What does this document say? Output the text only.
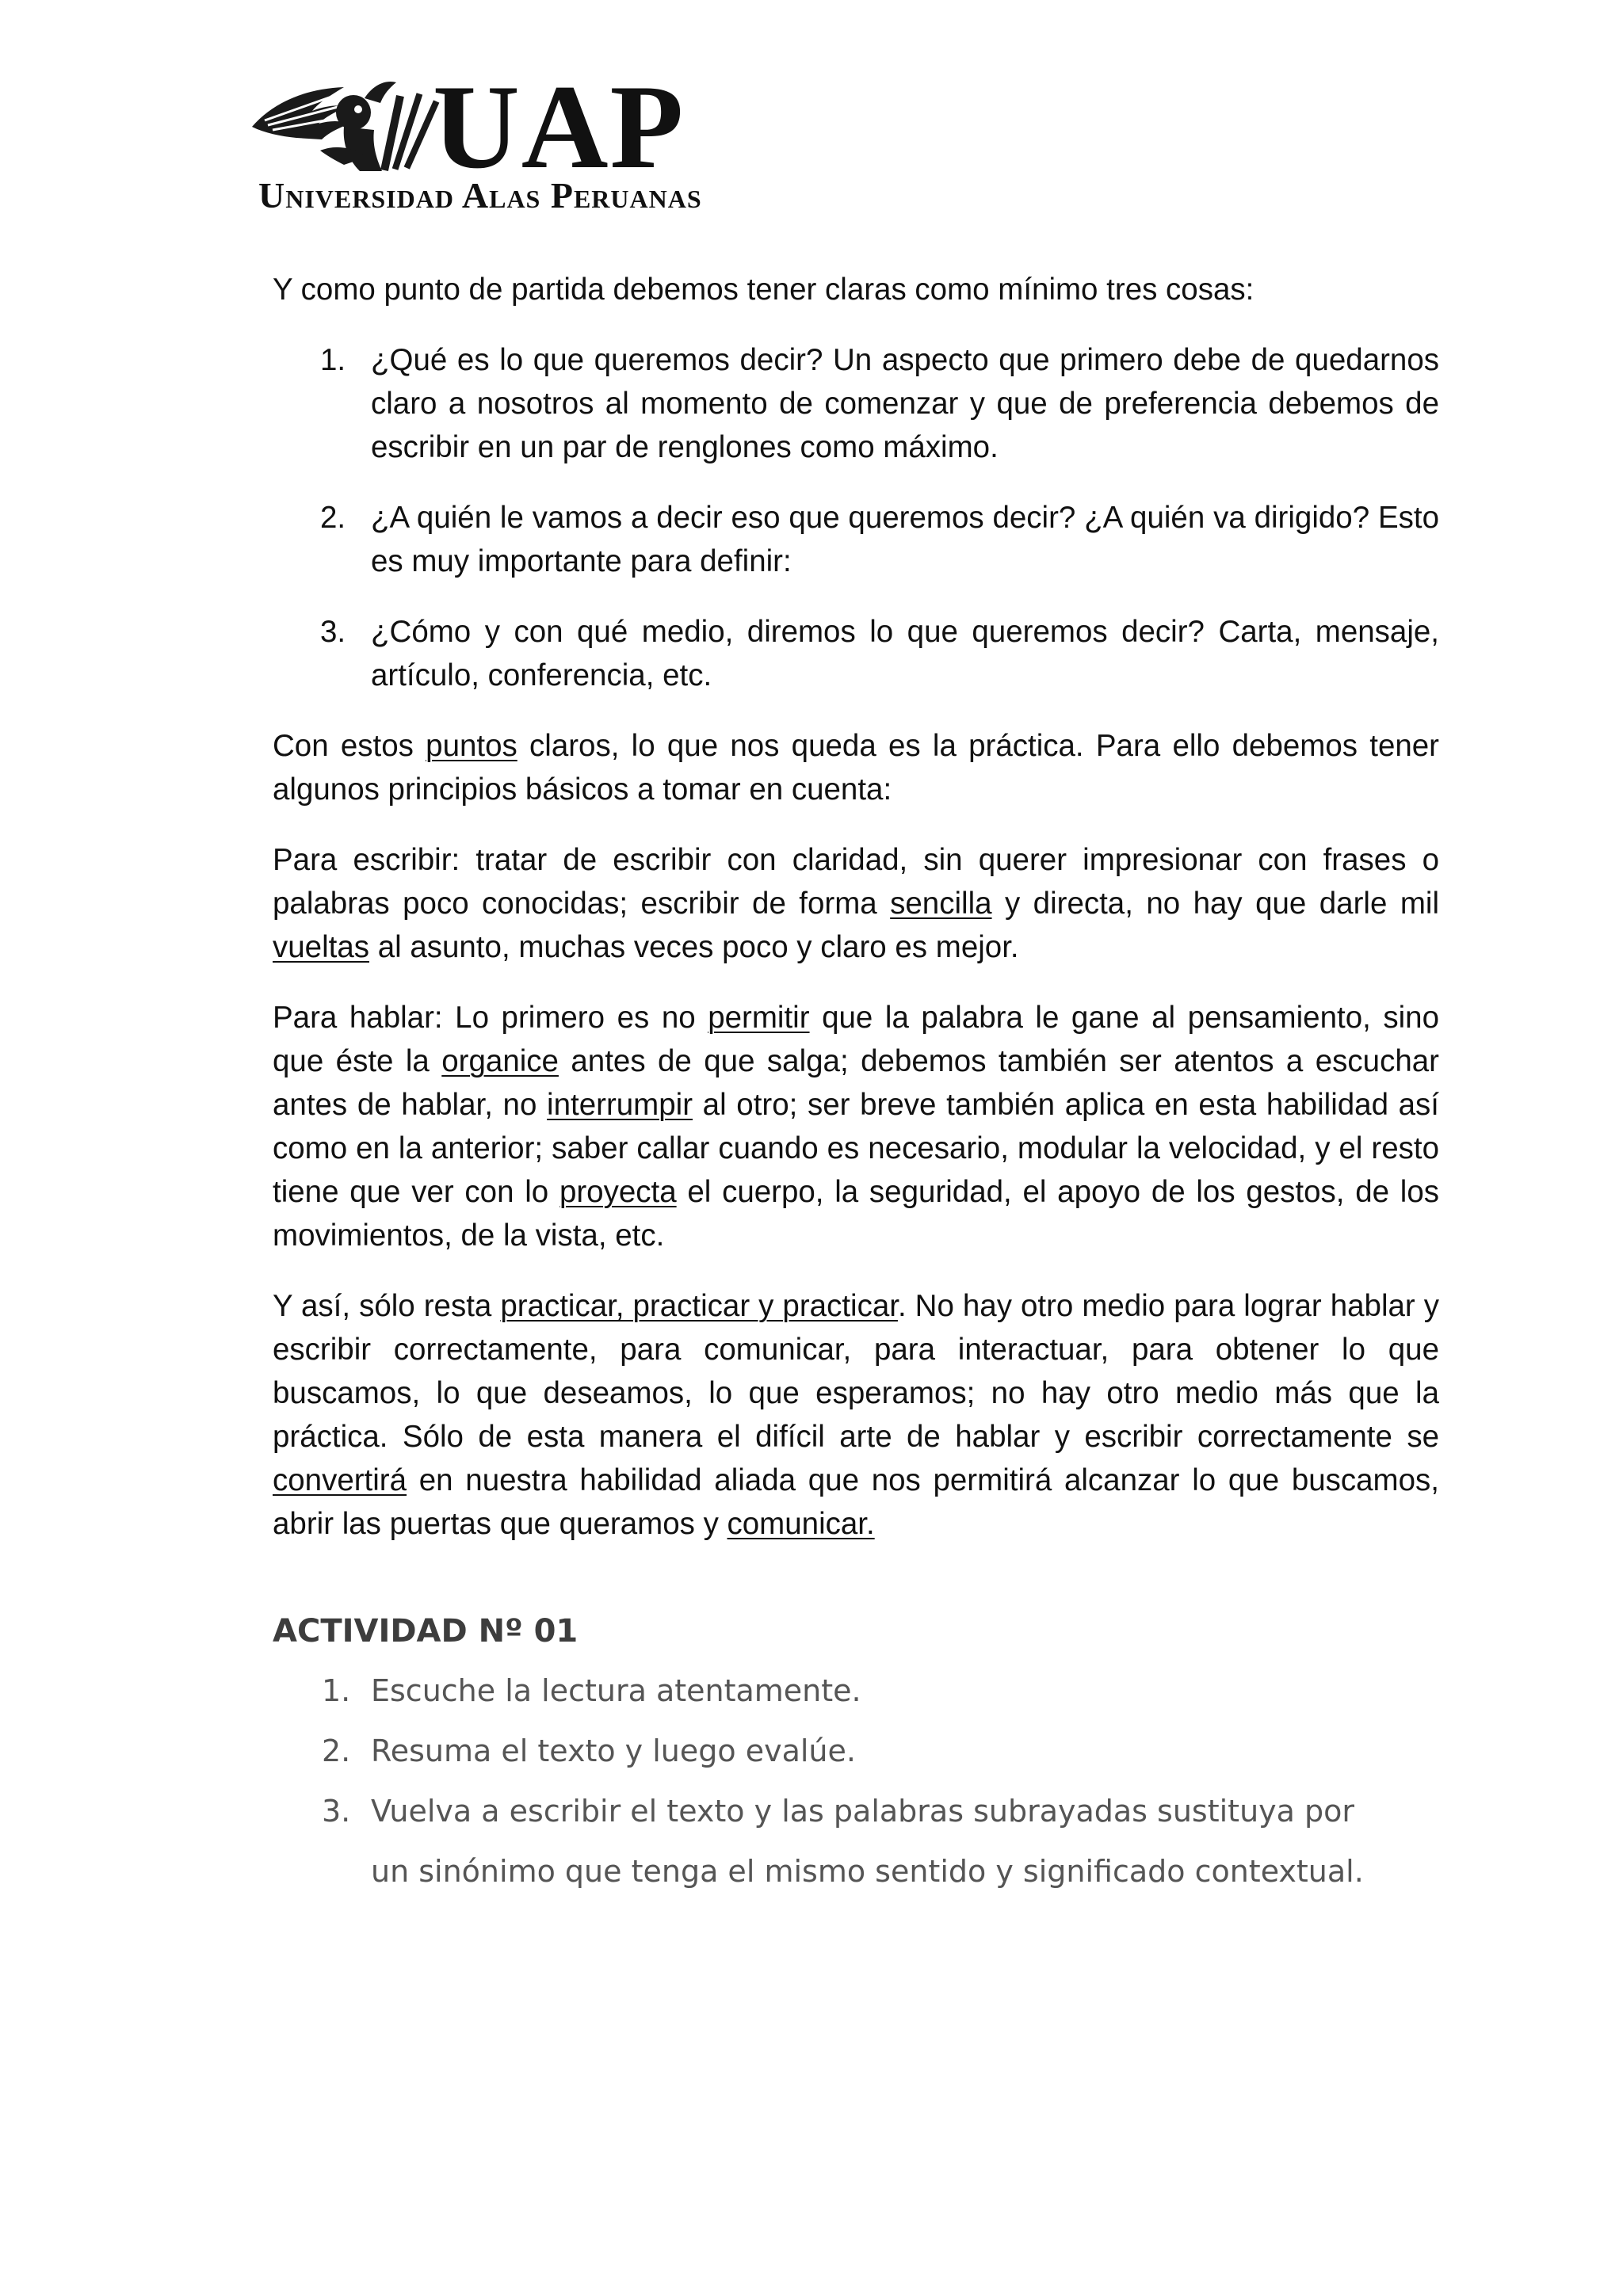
UAP
Universidad Alas Peruanas

Y como punto de partida debemos tener claras como mínimo tres cosas:

1. ¿Qué es lo que queremos decir? Un aspecto que primero debe de quedarnos claro a nosotros al momento de comenzar y que de preferencia debemos de escribir en un par de renglones como máximo.
2. ¿A quién le vamos a decir eso que queremos decir? ¿A quién va dirigido? Esto es muy importante para definir:
3. ¿Cómo y con qué medio, diremos lo que queremos decir? Carta, mensaje, artículo, conferencia, etc.

Con estos puntos claros, lo que nos queda es la práctica. Para ello debemos tener algunos principios básicos a tomar en cuenta:

Para escribir: tratar de escribir con claridad, sin querer impresionar con frases o palabras poco conocidas; escribir de forma sencilla y directa, no hay que darle mil vueltas al asunto, muchas veces poco y claro es mejor.

Para hablar: Lo primero es no permitir que la palabra le gane al pensamiento, sino que éste la organice antes de que salga; debemos también ser atentos a escuchar antes de hablar, no interrumpir al otro; ser breve también aplica en esta habilidad así como en la anterior; saber callar cuando es necesario, modular la velocidad, y el resto tiene que ver con lo proyecta el cuerpo, la seguridad, el apoyo de los gestos, de los movimientos, de la vista, etc.

Y así, sólo resta practicar, practicar y practicar. No hay otro medio para lograr hablar y escribir correctamente, para comunicar, para interactuar, para obtener lo que buscamos, lo que deseamos, lo que esperamos; no hay otro medio más que la práctica. Sólo de esta manera el difícil arte de hablar y escribir correctamente se convertirá en nuestra habilidad aliada que nos permitirá alcanzar lo que buscamos, abrir las puertas que queramos y comunicar.

ACTIVIDAD Nº 01
1. Escuche la lectura atentamente.
2. Resuma el texto y luego evalúe.
3. Vuelva a escribir el texto y las palabras subrayadas sustituya por un sinónimo que tenga el mismo sentido y significado contextual.
